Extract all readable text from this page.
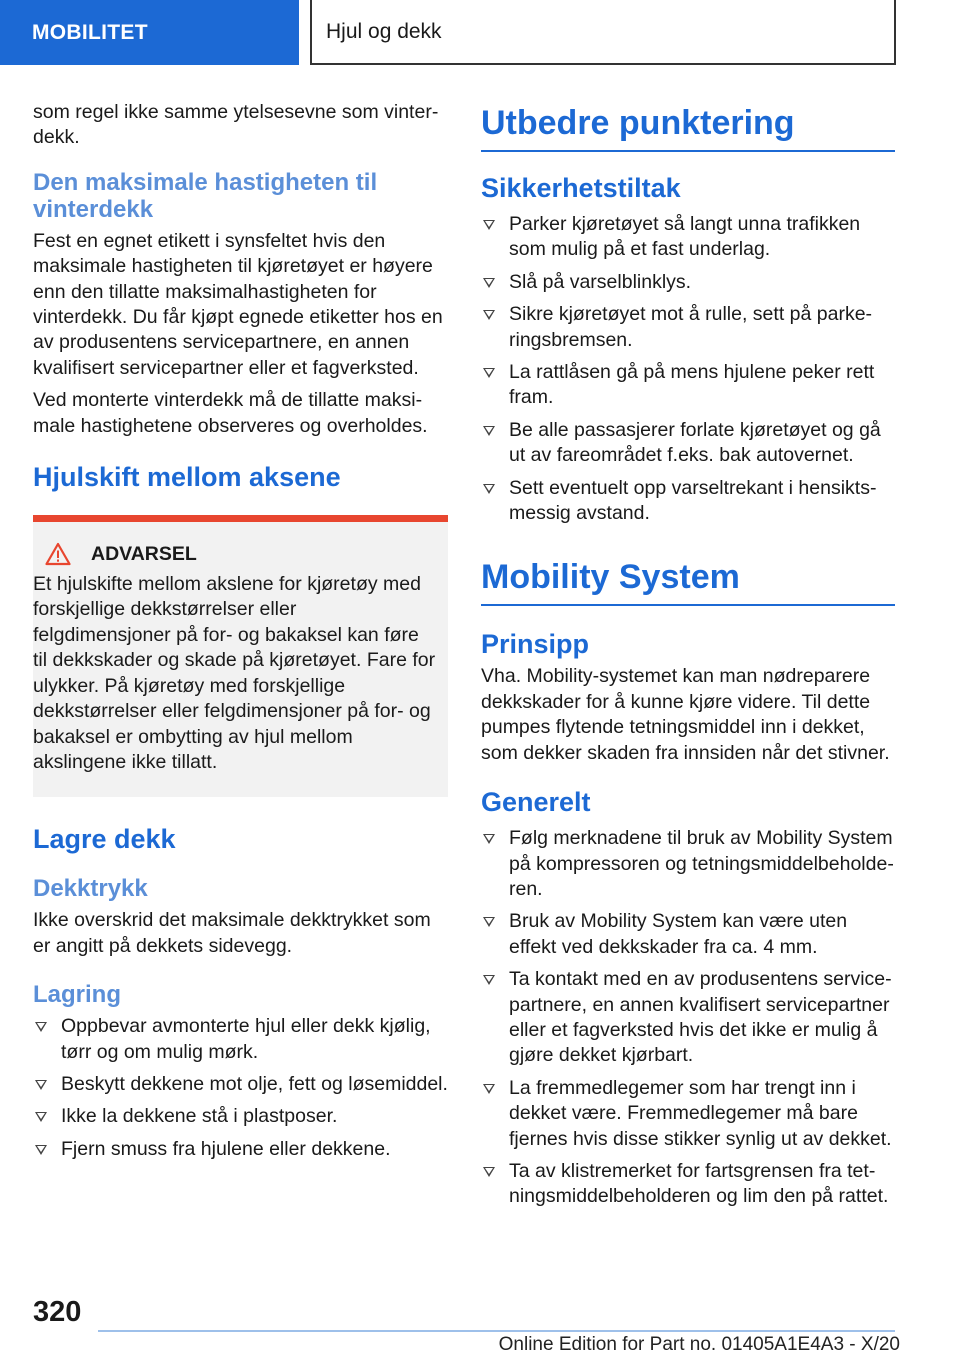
MOBILITET	Hjul og dekk

som regel ikke samme ytelsesevne som vinterdekk.

Den maksimale hastigheten til vinterdekk

Fest en egnet etikett i synsfeltet hvis den maksimale hastigheten til kjøretøyet er høyere enn den tillatte maksimalhastigheten for vinterdekk. Du får kjøpt egnede etiketter hos en av produsentens servicepartnere, en annen kvalifisert servicepartner eller et fagverksted.

Ved monterte vinterdekk må de tillatte maksimale hastighetene observeres og overholdes.

Hjulskift mellom aksene
ADVARSEL

Et hjulskifte mellom akslene for kjøretøy med forskjellige dekkstørrelser eller felgdimensjoner på for- og bakaksel kan føre til dekkskader og skade på kjøretøyet. Fare for ulykker. På kjøretøy med forskjellige dekkstørrelser eller felgdimensjoner på for- og bakaksel er ombytting av hjul mellom akslingene ikke tillatt.

Lagre dekk
Dekktrykk

Ikke overskrid det maksimale dekktrykket som er angitt på dekkets sidevegg.

Lagring
Oppbevar avmonterte hjul eller dekk kjølig, tørr og om mulig mørk.
Beskytt dekkene mot olje, fett og løsemiddel.
Ikke la dekkene stå i plastposer.
Fjern smuss fra hjulene eller dekkene.
Utbedre punktering
Sikkerhetstiltak
Parker kjøretøyet så langt unna trafikken som mulig på et fast underlag.
Slå på varselblinklys.
Sikre kjøretøyet mot å rulle, sett på parkeringsbremsen.
La rattlåsen gå på mens hjulene peker rett fram.
Be alle passasjerer forlate kjøretøyet og gå ut av fareområdet f.eks. bak autovernet.
Sett eventuelt opp varseltrekant i hensiktsmessig avstand.
Mobility System
Prinsipp

Vha. Mobility-systemet kan man nødreparere dekkskader for å kunne kjøre videre. Til dette pumpes flytende tetningsmiddel inn i dekket, som dekker skaden fra innsiden når det stivner.

Generelt
Følg merknadene til bruk av Mobility System på kompressoren og tetningsmiddelbeholderen.
Bruk av Mobility System kan være uten effekt ved dekkskader fra ca. 4 mm.
Ta kontakt med en av produsentens servicepartnere, en annen kvalifisert servicepartner eller et fagverksted hvis det ikke er mulig å gjøre dekket kjørbart.
La fremmedlegemer som har trengt inn i dekket være. Fremmedlegemer må bare fjernes hvis disse stikker synlig ut av dekket.
Ta av klistremerket for fartsgrensen fra tetningsmiddelbeholderen og lim den på rattet.
320
Online Edition for Part no. 01405A1E4A3 - X/20
